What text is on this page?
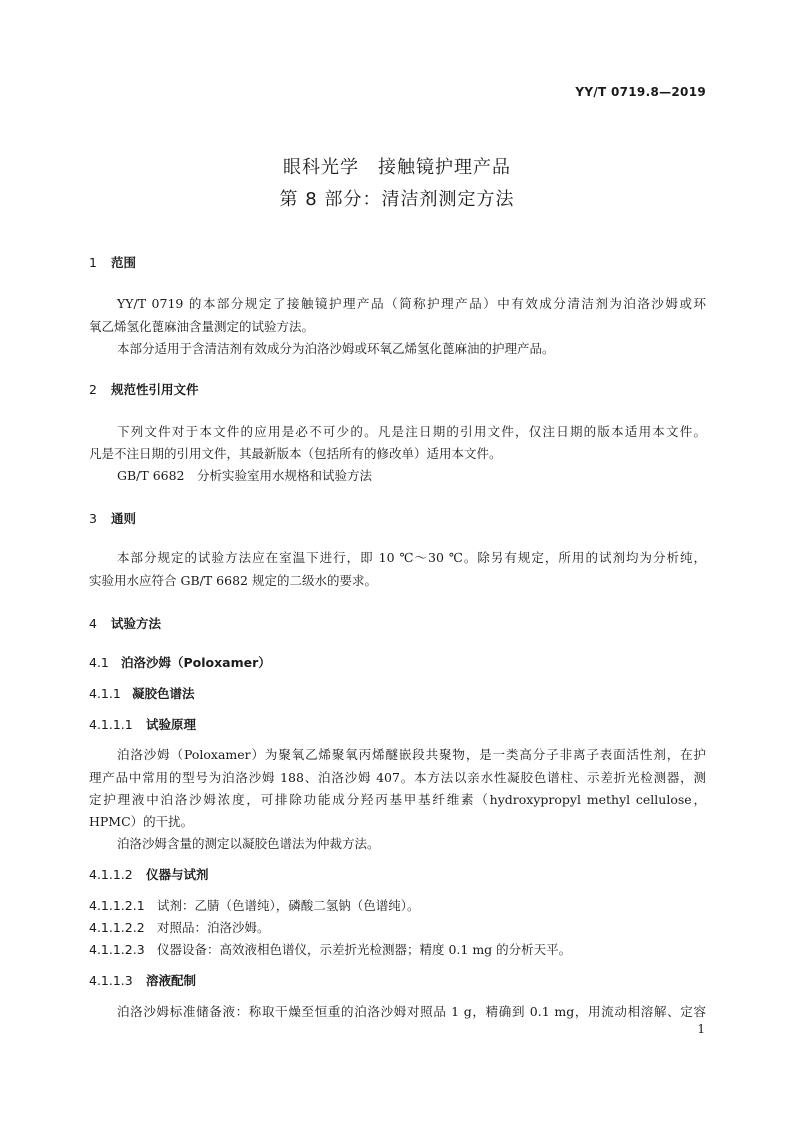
YY/T 0719.8—2019
眼科光学　接触镜护理产品
第 8 部分：清洁剂测定方法
1 范围
YY/T 0719 的本部分规定了接触镜护理产品（简称护理产品）中有效成分清洁剂为泊洛沙姆或环
氧乙烯氢化蓖麻油含量测定的试验方法。
本部分适用于含清洁剂有效成分为泊洛沙姆或环氧乙烯氢化蓖麻油的护理产品。
2 规范性引用文件
下列文件对于本文件的应用是必不可少的。凡是注日期的引用文件，仅注日期的版本适用本文件。
凡是不注日期的引用文件，其最新版本（包括所有的修改单）适用本文件。
GB/T 6682　分析实验室用水规格和试验方法
3 通则
本部分规定的试验方法应在室温下进行，即 10 ℃～30 ℃。除另有规定，所用的试剂均为分析纯，
实验用水应符合 GB/T 6682 规定的二级水的要求。
4 试验方法
4.1 泊洛沙姆（Poloxamer）
4.1.1 凝胶色谱法
4.1.1.1 试验原理
泊洛沙姆（Poloxamer）为聚氧乙烯聚氧丙烯醚嵌段共聚物，是一类高分子非离子表面活性剂，在护
理产品中常用的型号为泊洛沙姆 188、泊洛沙姆 407。本方法以亲水性凝胶色谱柱、示差折光检测器，测
定护理液中泊洛沙姆浓度，可排除功能成分羟丙基甲基纤维素（hydroxypropyl methyl cellulose，
HPMC）的干扰。
泊洛沙姆含量的测定以凝胶色谱法为仲裁方法。
4.1.1.2 仪器与试剂
4.1.1.2.1 试剂：乙腈（色谱纯），磷酸二氢钠（色谱纯）。
4.1.1.2.2 对照品：泊洛沙姆。
4.1.1.2.3 仪器设备：高效液相色谱仪，示差折光检测器；精度 0.1 mg 的分析天平。
4.1.1.3 溶液配制
泊洛沙姆标准储备液：称取干燥至恒重的泊洛沙姆对照品 1 g，精确到 0.1 mg，用流动相溶解、定容
1
